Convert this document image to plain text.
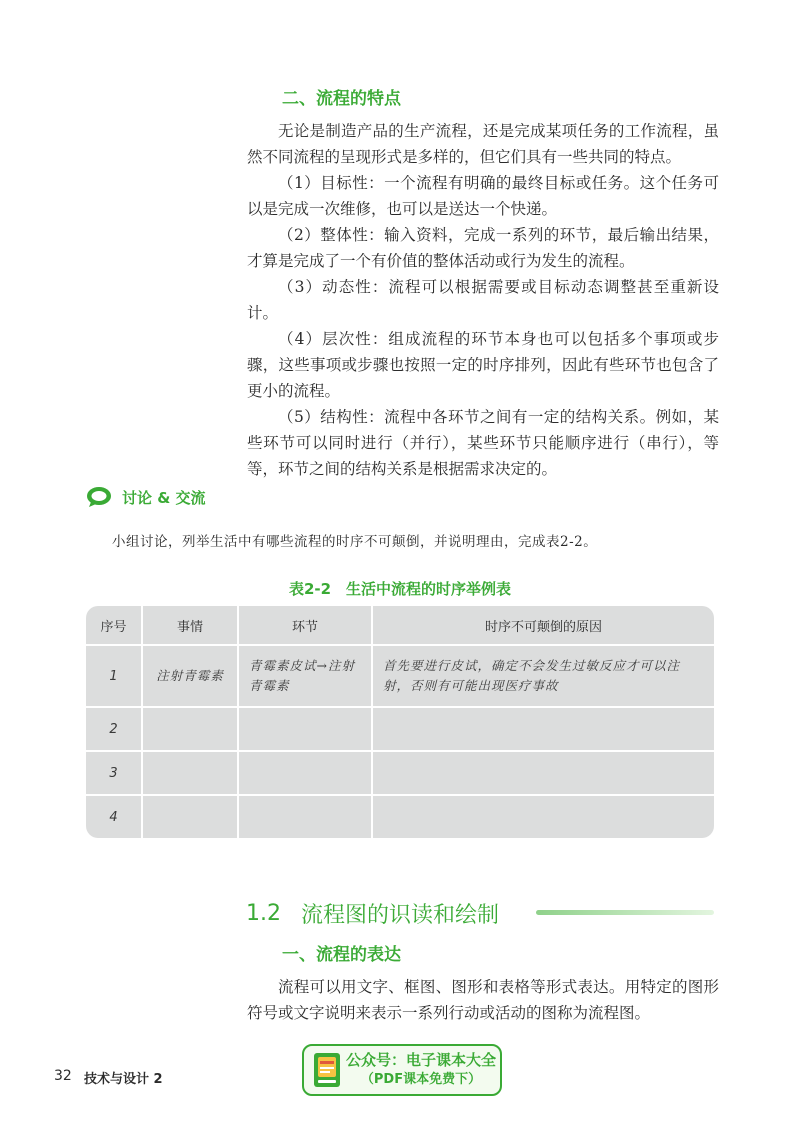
二、流程的特点

无论是制造产品的生产流程，还是完成某项任务的工作流程，虽然不同流程的呈现形式是多样的，但它们具有一些共同的特点。

（1）目标性：一个流程有明确的最终目标或任务。这个任务可以是完成一次维修，也可以是送达一个快递。

（2）整体性：输入资料，完成一系列的环节，最后输出结果，才算是完成了一个有价值的整体活动或行为发生的流程。

（3）动态性：流程可以根据需要或目标动态调整甚至重新设计。

（4）层次性：组成流程的环节本身也可以包括多个事项或步骤，这些事项或步骤也按照一定的时序排列，因此有些环节也包含了更小的流程。

（5）结构性：流程中各环节之间有一定的结构关系。例如，某些环节可以同时进行（并行），某些环节只能顺序进行（串行），等等，环节之间的结构关系是根据需求决定的。

讨论 & 交流
小组讨论，列举生活中有哪些流程的时序不可颠倒，并说明理由，完成表2-2。
表2-2　生活中流程的时序举例表
序号	事情	环节	时序不可颠倒的原因
1	注射青霉素	青霉素皮试→注射青霉素	首先要进行皮试，确定不会发生过敏反应才可以注射，否则有可能出现医疗事故
2			
3			
4			
1.2 流程图的识读和绘制
一、流程的表达

流程可以用文字、框图、图形和表格等形式表达。用特定的图形符号或文字说明来表示一系列行动或活动的图称为流程图。

32 技术与设计 2
公众号：电子课本大全
（PDF课本免费下）
